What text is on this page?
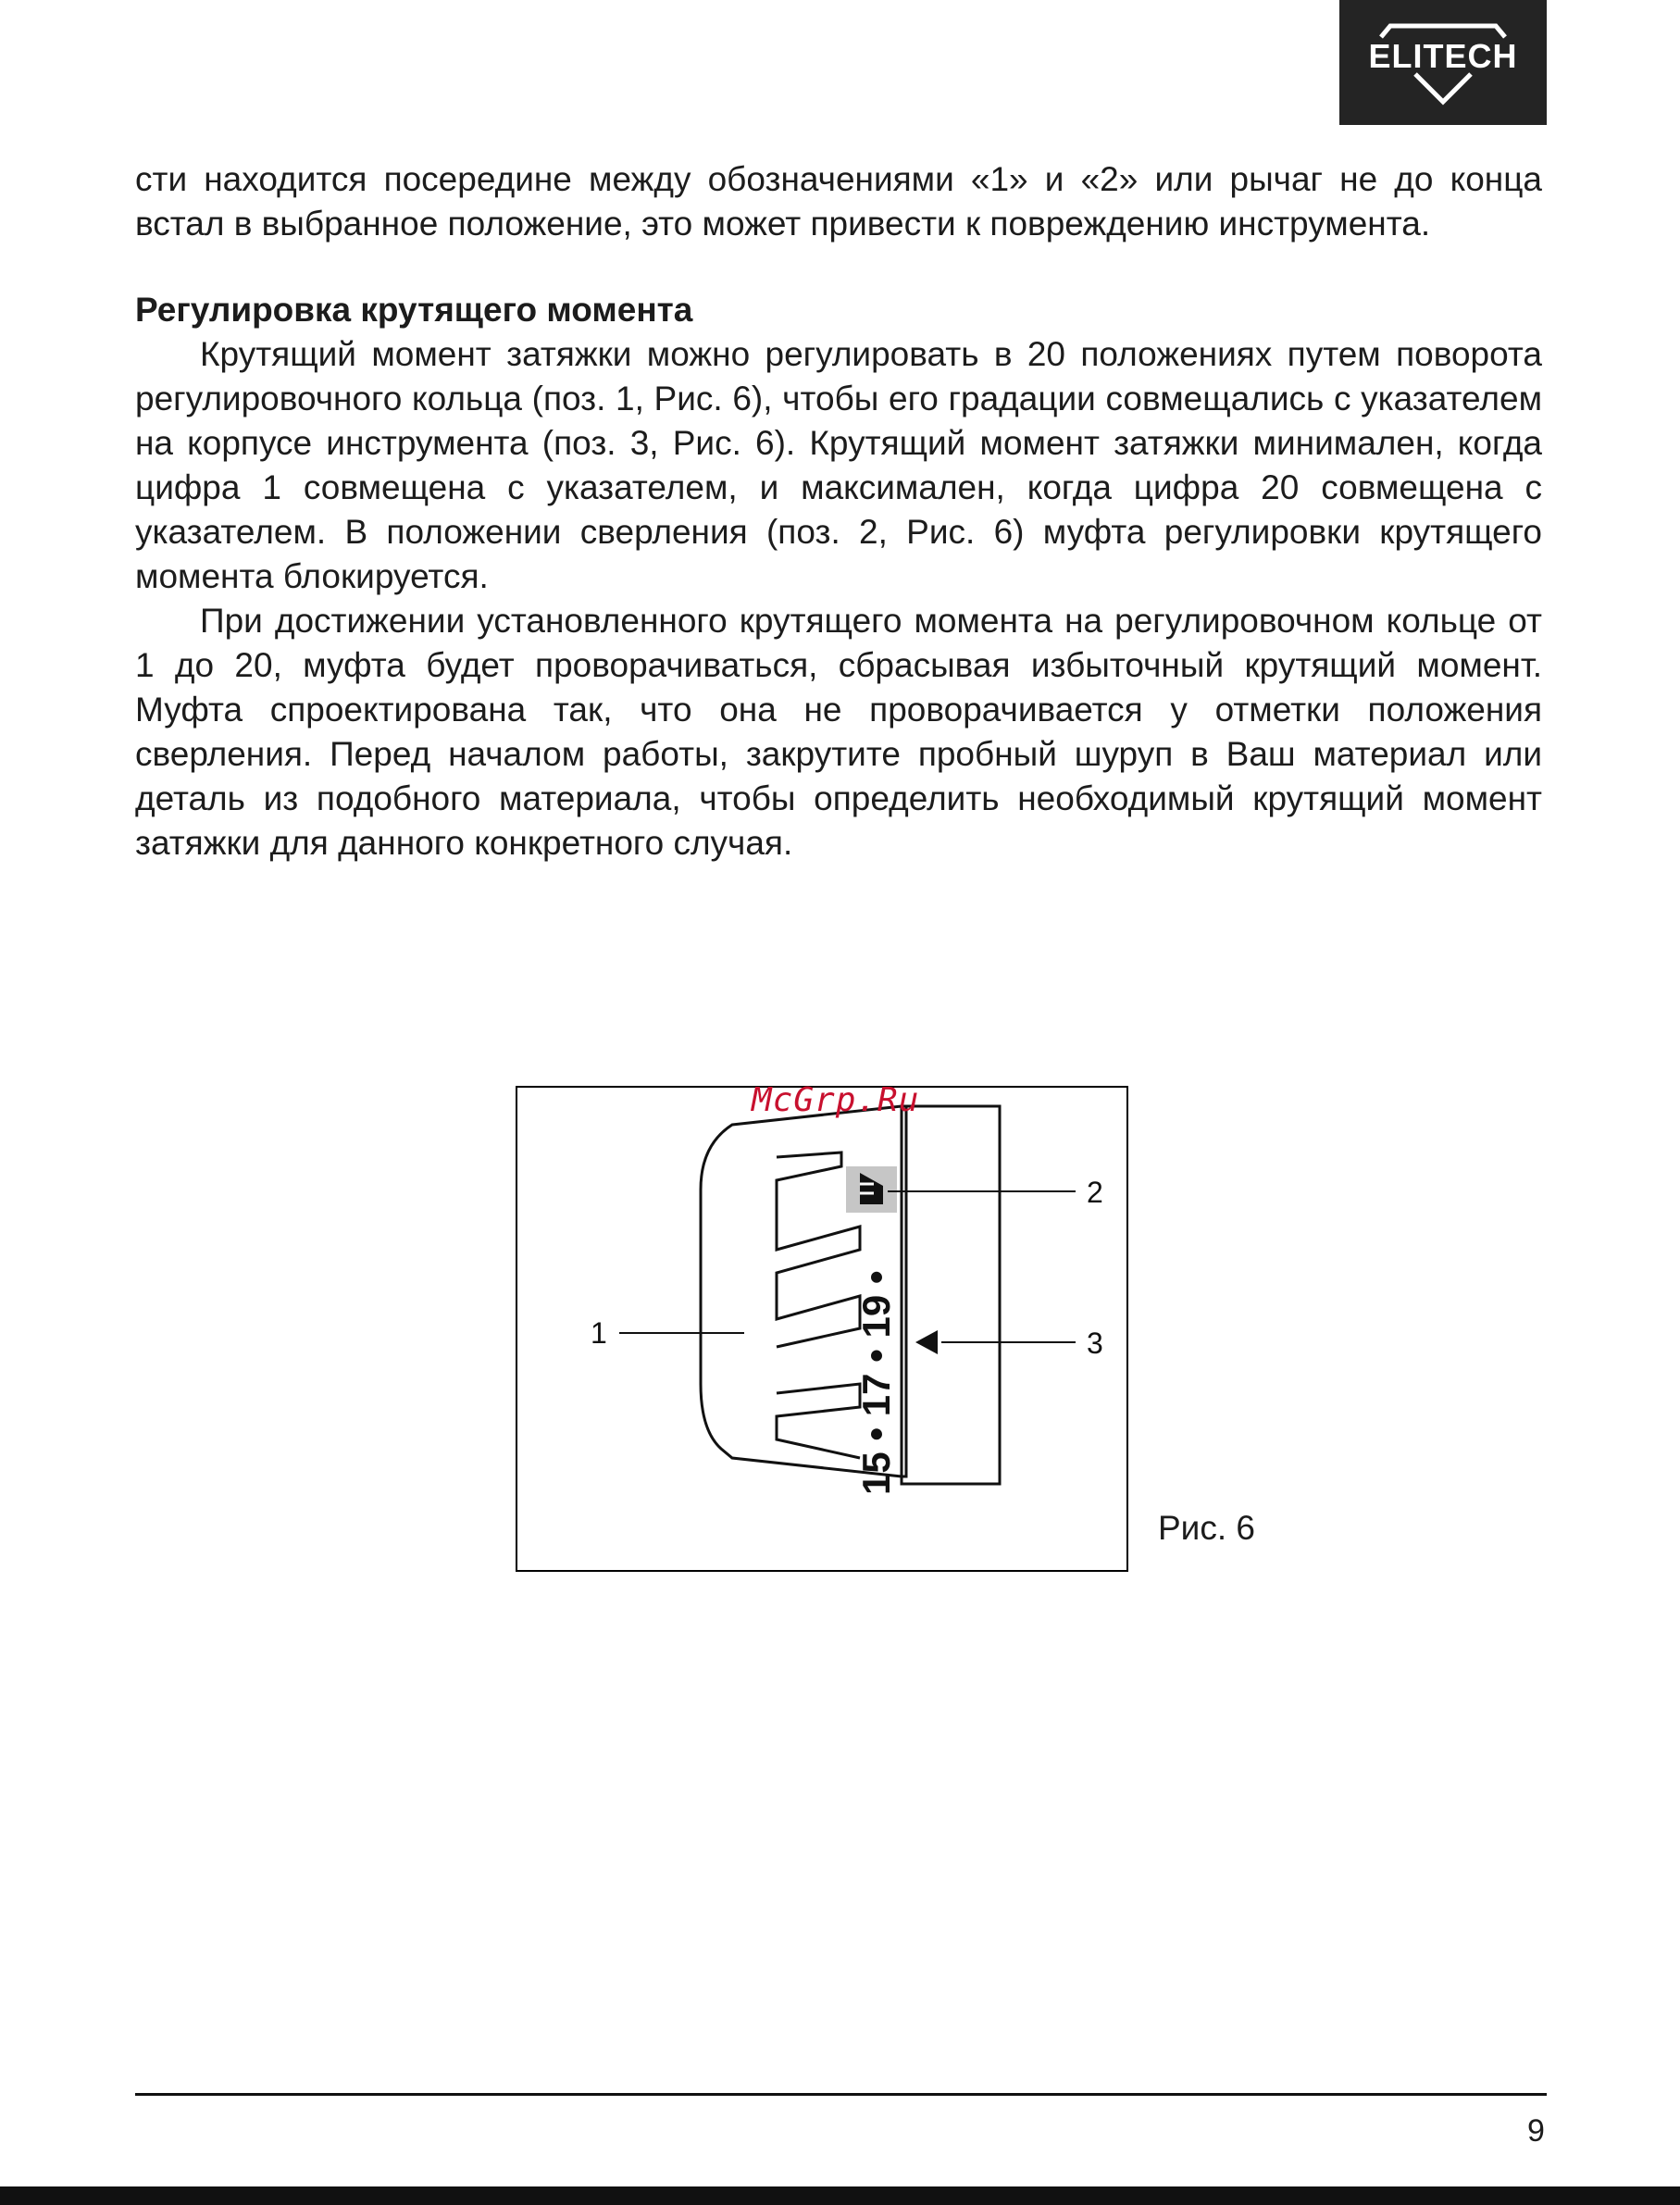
ELITECH

сти находится посередине между обозначениями «1» и «2» или рычаг не до конца встал в выбранное положение, это может привести к повреждению инструмента.

Регулировка крутящего момента

Крутящий момент затяжки можно регулировать в 20 положениях путем поворота регулировочного кольца (поз. 1, Рис. 6), чтобы его градации совмещались с указателем на корпусе инструмента (поз. 3, Рис. 6). Крутящий момент затяжки минимален, когда цифра 1 совмещена с указателем, и максимален, когда цифра 20 совмещена с указателем. В положении сверления (поз. 2, Рис. 6) муфта регулировки крутящего момента блокируется.

При достижении установленного крутящего момента на регулировочном кольце от 1 до 20, муфта будет проворачиваться, сбрасывая избыточный крутящий момент. Муфта спроектирована так, что она не проворачивается у отметки положения сверления. Перед началом работы, закрутите пробный шуруп в Ваш материал или деталь из подобного материала, чтобы определить необходимый крутящий момент затяжки для данного конкретного случая.

15 • 17 • 19 •
1
2
3
McGrp.Ru
Рис. 6
9
